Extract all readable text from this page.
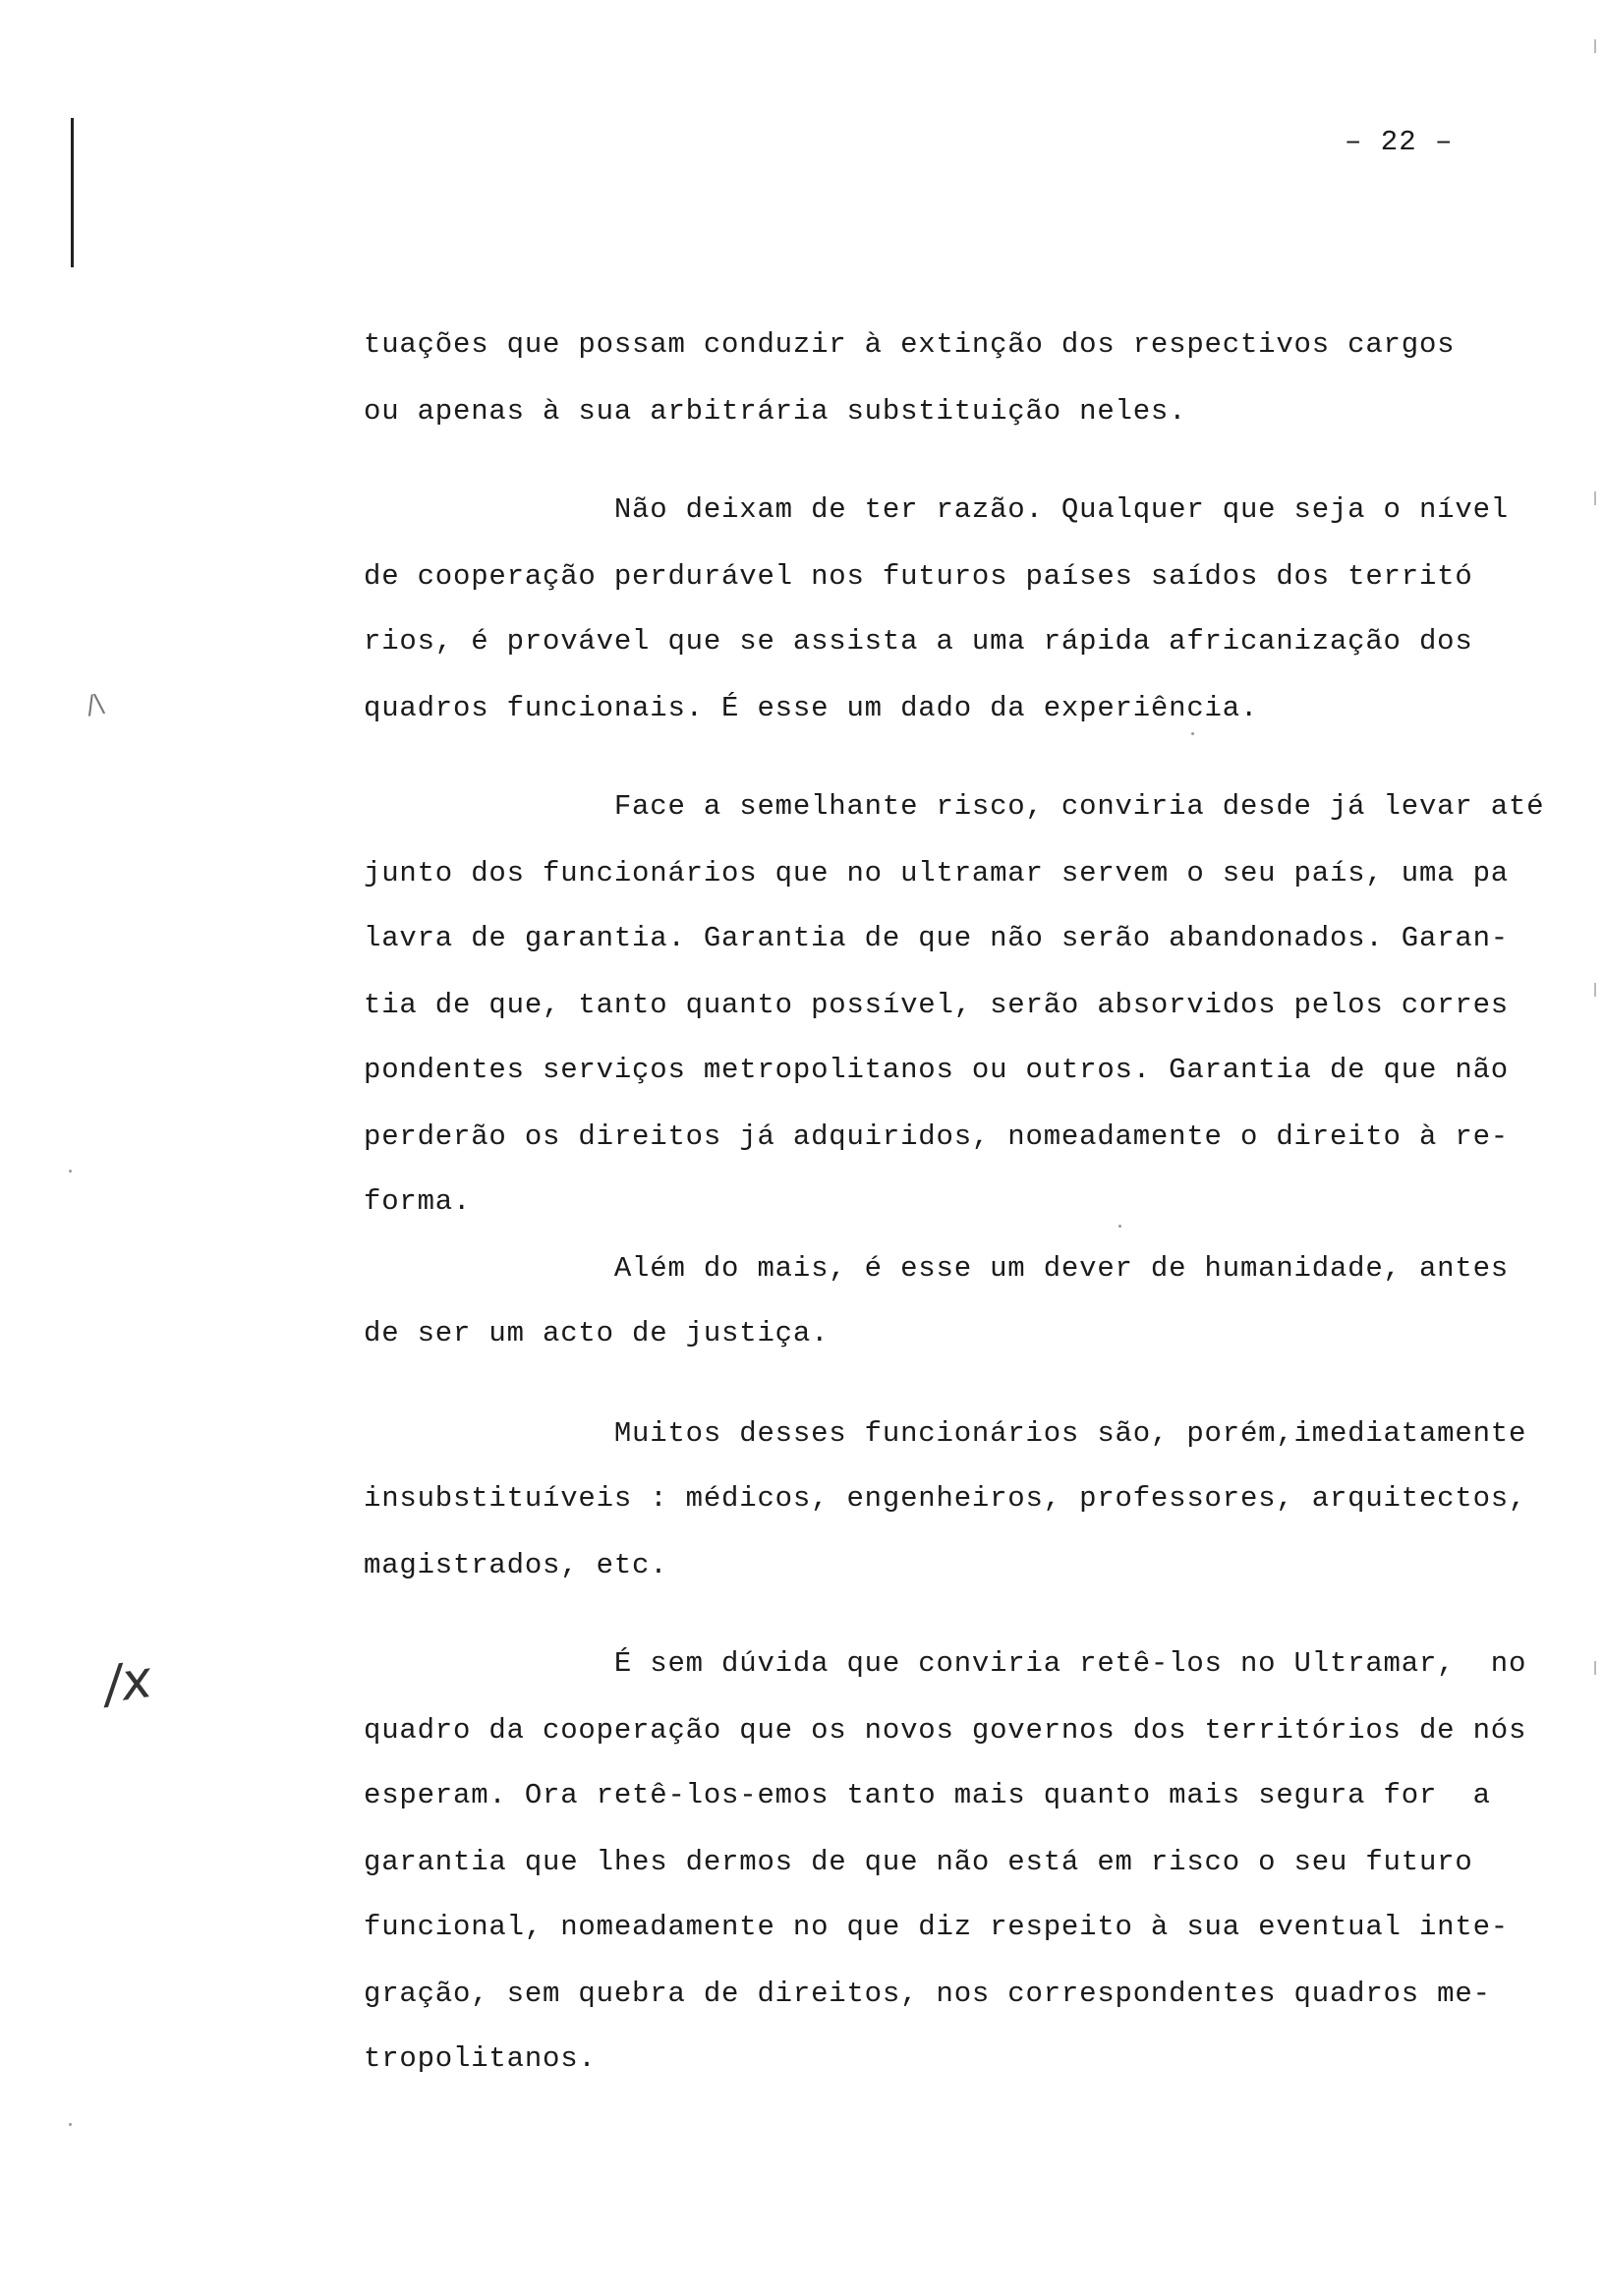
– 22 –
/\
/x
tuações que possam conduzir à extinção dos respectivos cargos
ou apenas à sua arbitrária substituição neles.
Não deixam de ter razão. Qualquer que seja o nível
de cooperação perdurável nos futuros países saídos dos territó
rios, é provável que se assista a uma rápida africanização dos
quadros funcionais. É esse um dado da experiência.
Face a semelhante risco, conviria desde já levar até
junto dos funcionários que no ultramar servem o seu país, uma pa
lavra de garantia. Garantia de que não serão abandonados. Garan-
tia de que, tanto quanto possível, serão absorvidos pelos corres
pondentes serviços metropolitanos ou outros. Garantia de que não
perderão os direitos já adquiridos, nomeadamente o direito à re-
forma.
Além do mais, é esse um dever de humanidade, antes
de ser um acto de justiça.
Muitos desses funcionários são, porém,imediatamente
insubstituíveis : médicos, engenheiros, professores, arquitectos,
magistrados, etc.
É sem dúvida que conviria retê-los no Ultramar,  no
quadro da cooperação que os novos governos dos territórios de nós
esperam. Ora retê-los-emos tanto mais quanto mais segura for  a
garantia que lhes dermos de que não está em risco o seu futuro
funcional, nomeadamente no que diz respeito à sua eventual inte-
gração, sem quebra de direitos, nos correspondentes quadros me-
tropolitanos.
